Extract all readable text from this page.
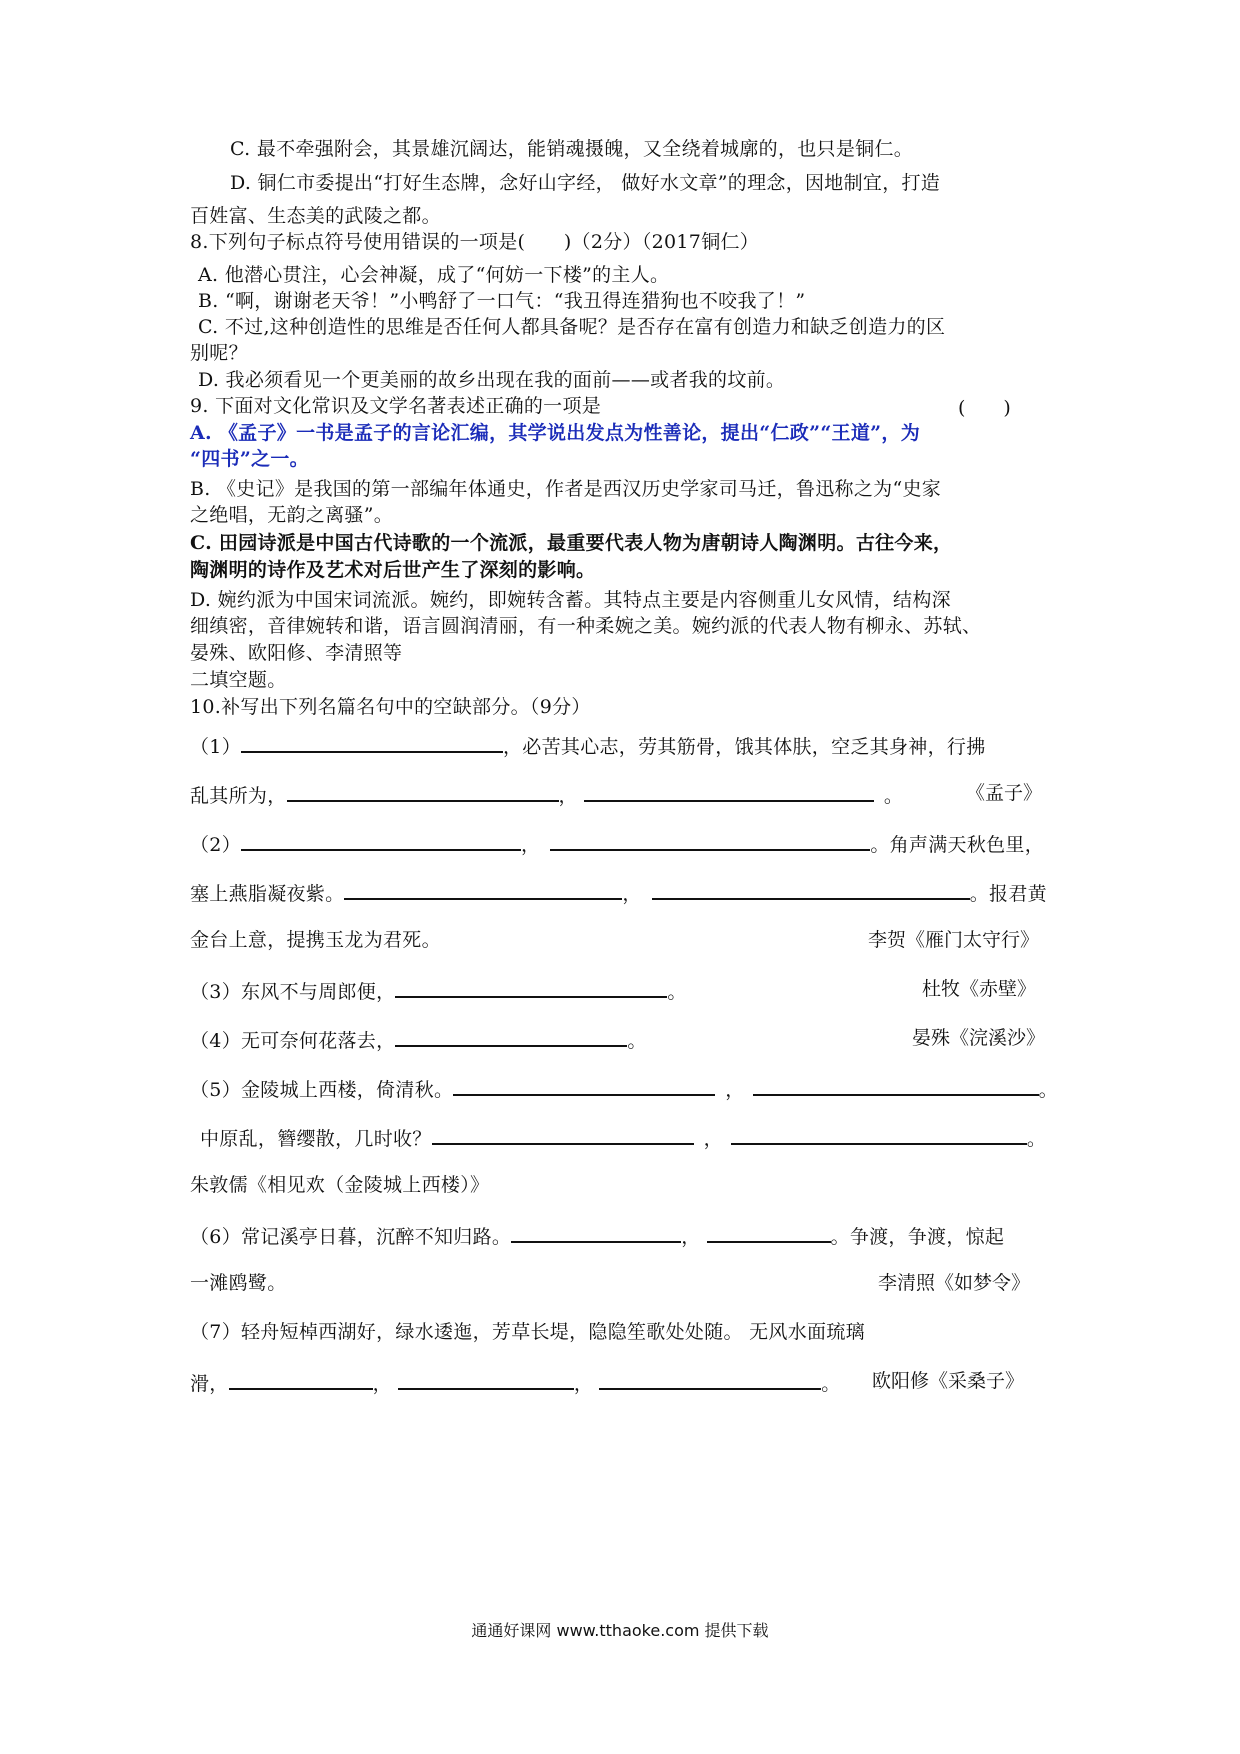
C. 最不牵强附会，其景雄沉阔达，能销魂摄魄，又全绕着城廓的，也只是铜仁。
D. 铜仁市委提出“打好生态牌，念好山字经， 做好水文章”的理念，因地制宜，打造
百姓富、生态美的武陵之都。
8.下列句子标点符号使用错误的一项是(　　)（2分）（2017铜仁）
A. 他潜心贯注，心会神凝，成了“何妨一下楼”的主人。
B. “啊，谢谢老天爷！”小鸭舒了一口气：“我丑得连猎狗也不咬我了！”
C. 不过,这种创造性的思维是否任何人都具备呢？是否存在富有创造力和缺乏创造力的区
别呢？
D. 我必须看见一个更美丽的故乡出现在我的面前——或者我的坟前。
9. 下面对文化常识及文学名著表述正确的一项是	(　　)
A. 《孟子》一书是孟子的言论汇编，其学说出发点为性善论，提出“仁政”“王道”，为
“四书”之一。
B. 《史记》是我国的第一部编年体通史，作者是西汉历史学家司马迁，鲁迅称之为“史家
之绝唱，无韵之离骚”。
C. 田园诗派是中国古代诗歌的一个流派，最重要代表人物为唐朝诗人陶渊明。古往今来，
陶渊明的诗作及艺术对后世产生了深刻的影响。
D. 婉约派为中国宋词流派。婉约，即婉转含蓄。其特点主要是内容侧重儿女风情，结构深
细缜密，音律婉转和谐，语言圆润清丽，有一种柔婉之美。婉约派的代表人物有柳永、苏轼、
晏殊、欧阳修、李清照等
二填空题。
10.补写出下列名篇名句中的空缺部分。（9分）
（1）	，必苦其心志，劳其筋骨，饿其体肤，空乏其身神，行拂
乱其所为，	，	。	《孟子》
（2）	，	。角声满天秋色里，
塞上燕脂凝夜紫。	，	。报君黄
金台上意，提携玉龙为君死。	李贺《雁门太守行》
（3）东风不与周郎便，	。	杜牧《赤壁》
（4）无可奈何花落去，	。	晏殊《浣溪沙》
（5）金陵城上西楼，倚清秋。	，	。
中原乱，簪缨散，几时收？	，	。
朱敦儒《相见欢（金陵城上西楼）》
（6）常记溪亭日暮，沉醉不知归路。	，	。争渡，争渡，惊起
一滩鸥鹭。	李清照《如梦令》
（7）轻舟短棹西湖好，绿水逶迤，芳草长堤，隐隐笙歌处处随。 无风水面琉璃
滑，	，	，	。 欧阳修《采桑子》
通通好课网 www.tthaoke.com 提供下载
